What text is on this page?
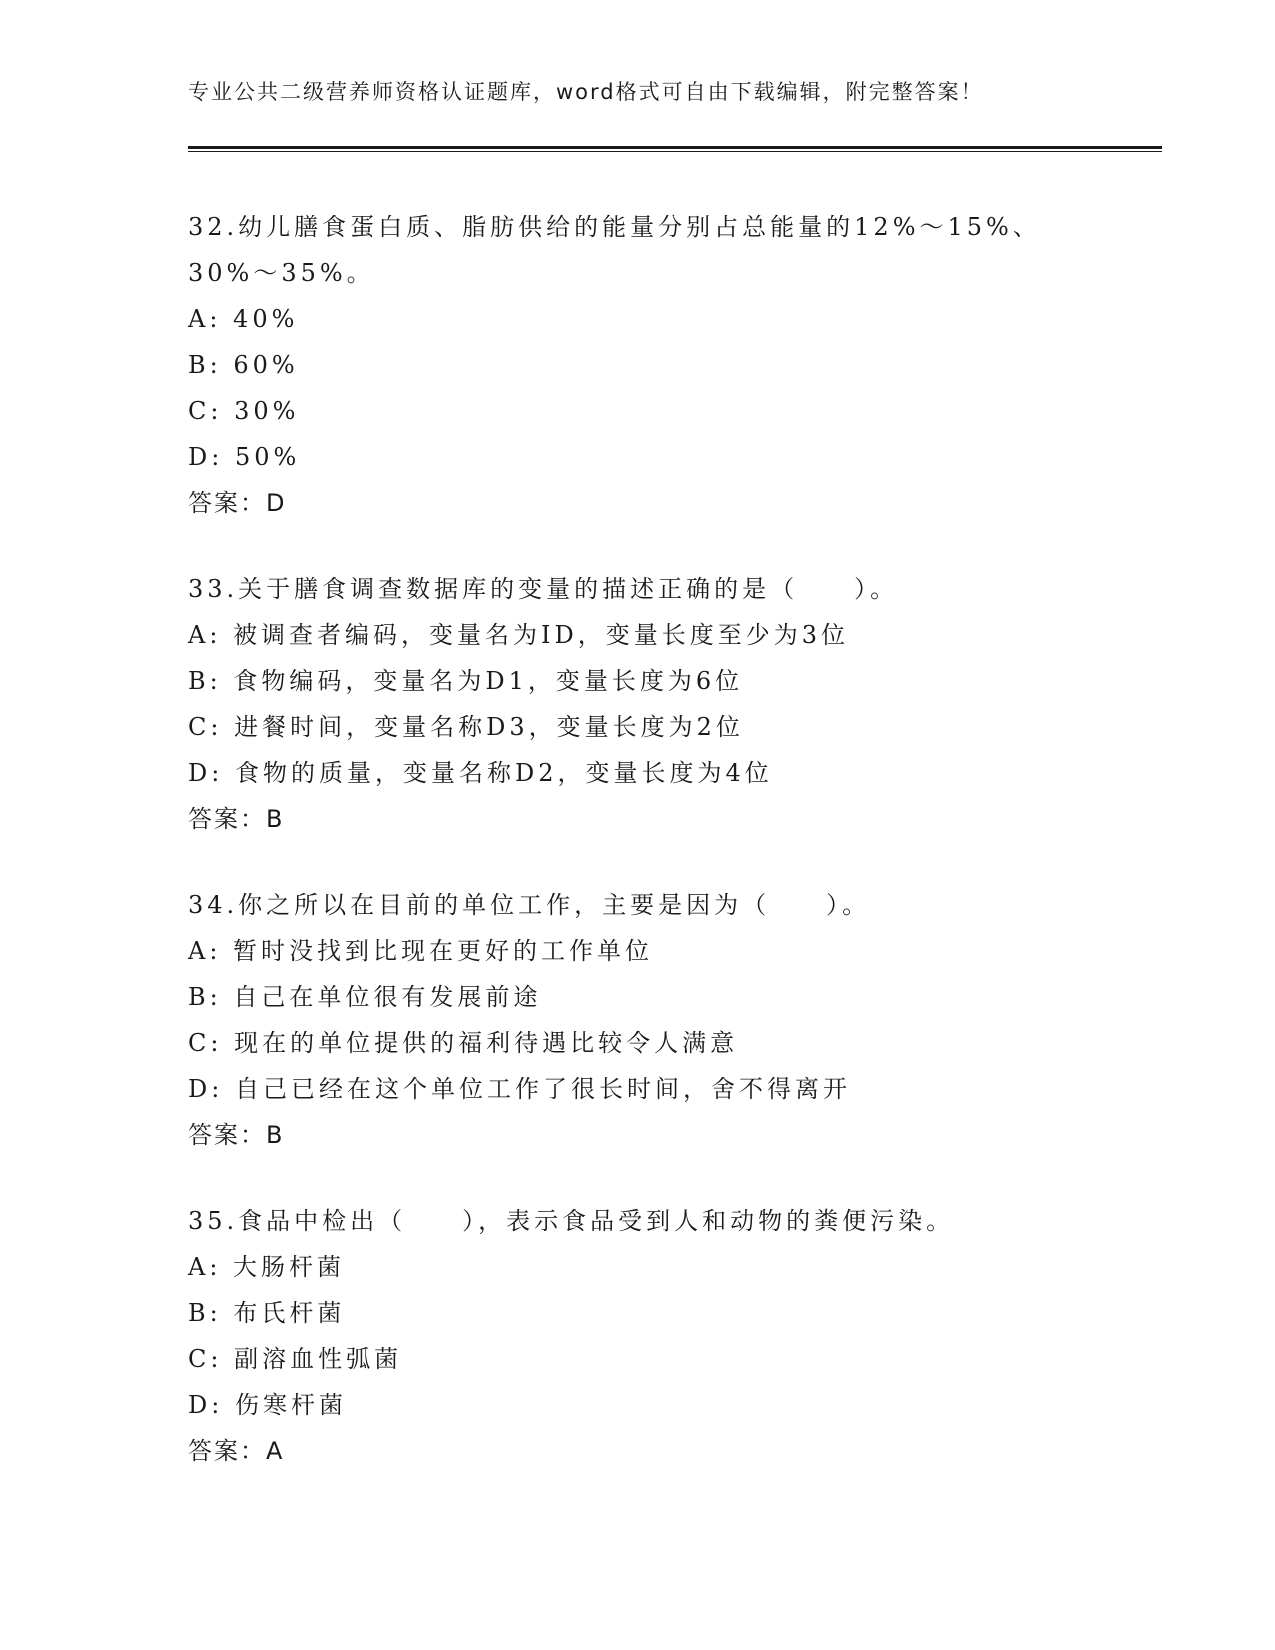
专业公共二级营养师资格认证题库，word格式可自由下载编辑，附完整答案！
32.幼儿膳食蛋白质、脂肪供给的能量分别占总能量的12%～15%、30%～35%。
A: 40%
B: 60%
C: 30%
D: 50%
答案：D
33.关于膳食调查数据库的变量的描述正确的是（　　）。
A: 被调查者编码，变量名为ID，变量长度至少为3位
B: 食物编码，变量名为D1，变量长度为6位
C: 进餐时间，变量名称D3，变量长度为2位
D: 食物的质量，变量名称D2，变量长度为4位
答案：B
34.你之所以在目前的单位工作，主要是因为（　　）。
A: 暂时没找到比现在更好的工作单位
B: 自己在单位很有发展前途
C: 现在的单位提供的福利待遇比较令人满意
D: 自己已经在这个单位工作了很长时间，舍不得离开
答案：B
35.食品中检出（　　），表示食品受到人和动物的粪便污染。
A: 大肠杆菌
B: 布氏杆菌
C: 副溶血性弧菌
D: 伤寒杆菌
答案：A
